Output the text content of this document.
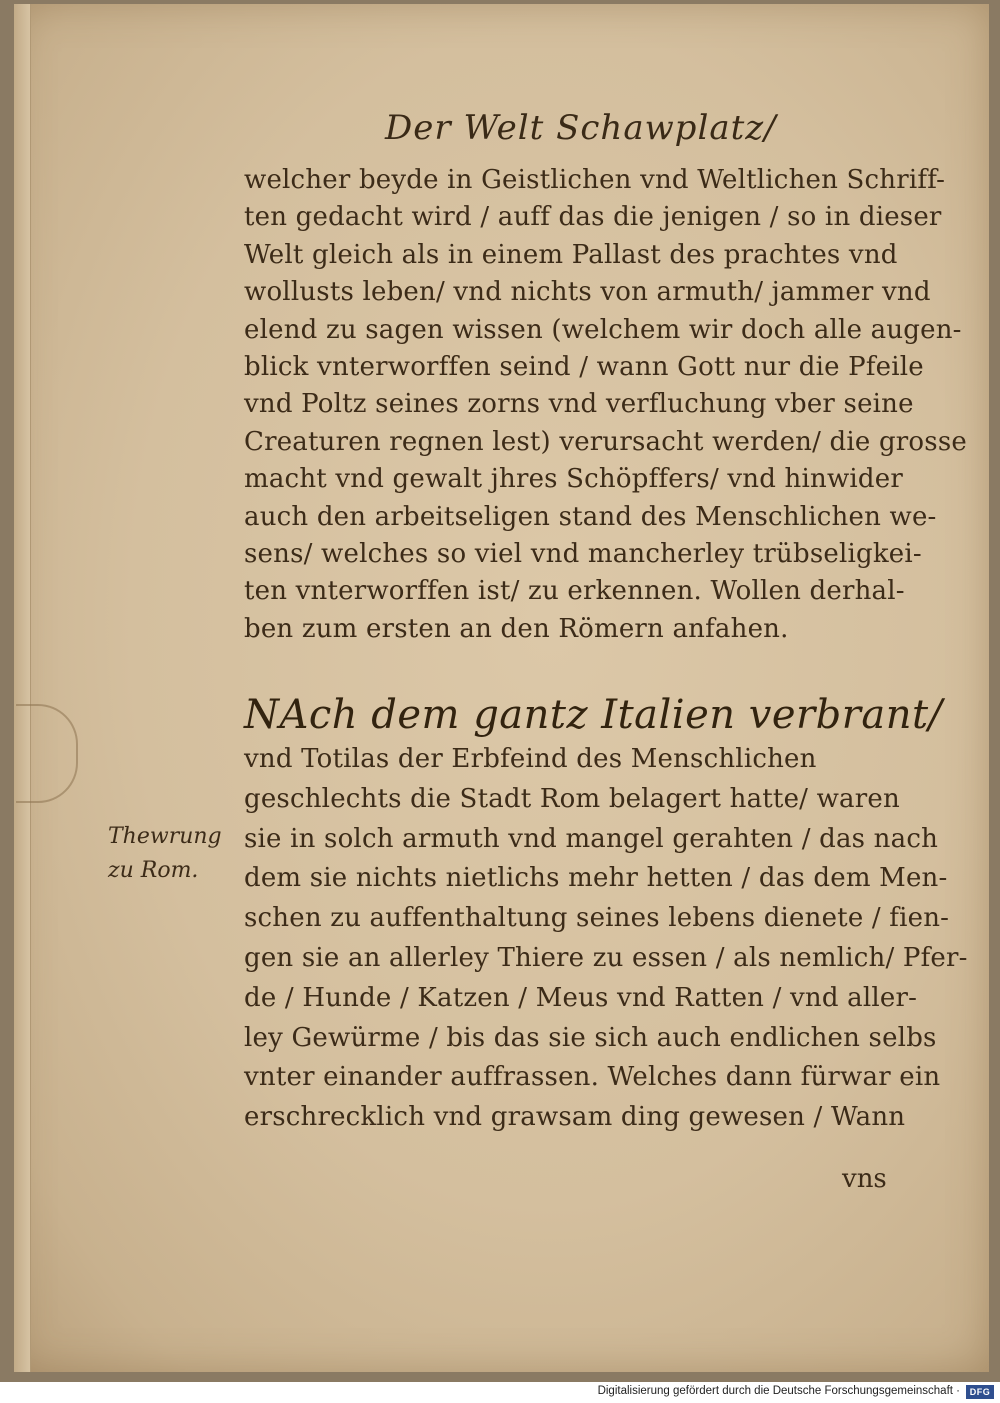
Der Welt Schawplatz/
welcher beyde in Geistlichen vnd Weltlichen Schriff-
ten gedacht wird / auff das die jenigen / so in dieser
Welt gleich als in einem Pallast des prachtes vnd
wollusts leben/ vnd nichts von armuth/ jammer vnd
elend zu sagen wissen (welchem wir doch alle augen-
blick vnterworffen seind / wann Gott nur die Pfeile
vnd Poltz seines zorns vnd verfluchung vber seine
Creaturen regnen lest) verursacht werden/ die grosse
macht vnd gewalt jhres Schöpffers/ vnd hinwider
auch den arbeitseligen stand des Menschlichen we-
sens/ welches so viel vnd mancherley trübseligkei-
ten vnterworffen ist/ zu erkennen. Wollen derhal-
ben zum ersten an den Römern anfahen.
NAch dem gantz Italien verbrant/
vnd Totilas der Erbfeind des Menschlichen
geschlechts die Stadt Rom belagert hatte/ waren
sie in solch armuth vnd mangel gerahten / das nach
dem sie nichts nietlichs mehr hetten / das dem Men-
schen zu auffenthaltung seines lebens dienete / fien-
gen sie an allerley Thiere zu essen / als nemlich/ Pfer-
de / Hunde / Katzen / Meus vnd Ratten / vnd aller-
ley Gewürme / bis das sie sich auch endlichen selbs
vnter einander auffrassen. Welches dann fürwar ein
erschrecklich vnd grawsam ding gewesen / Wann
Thewrung
zu Rom.
vns
Digitalisierung gefördert durch die Deutsche Forschungsgemeinschaft ·	DFG
